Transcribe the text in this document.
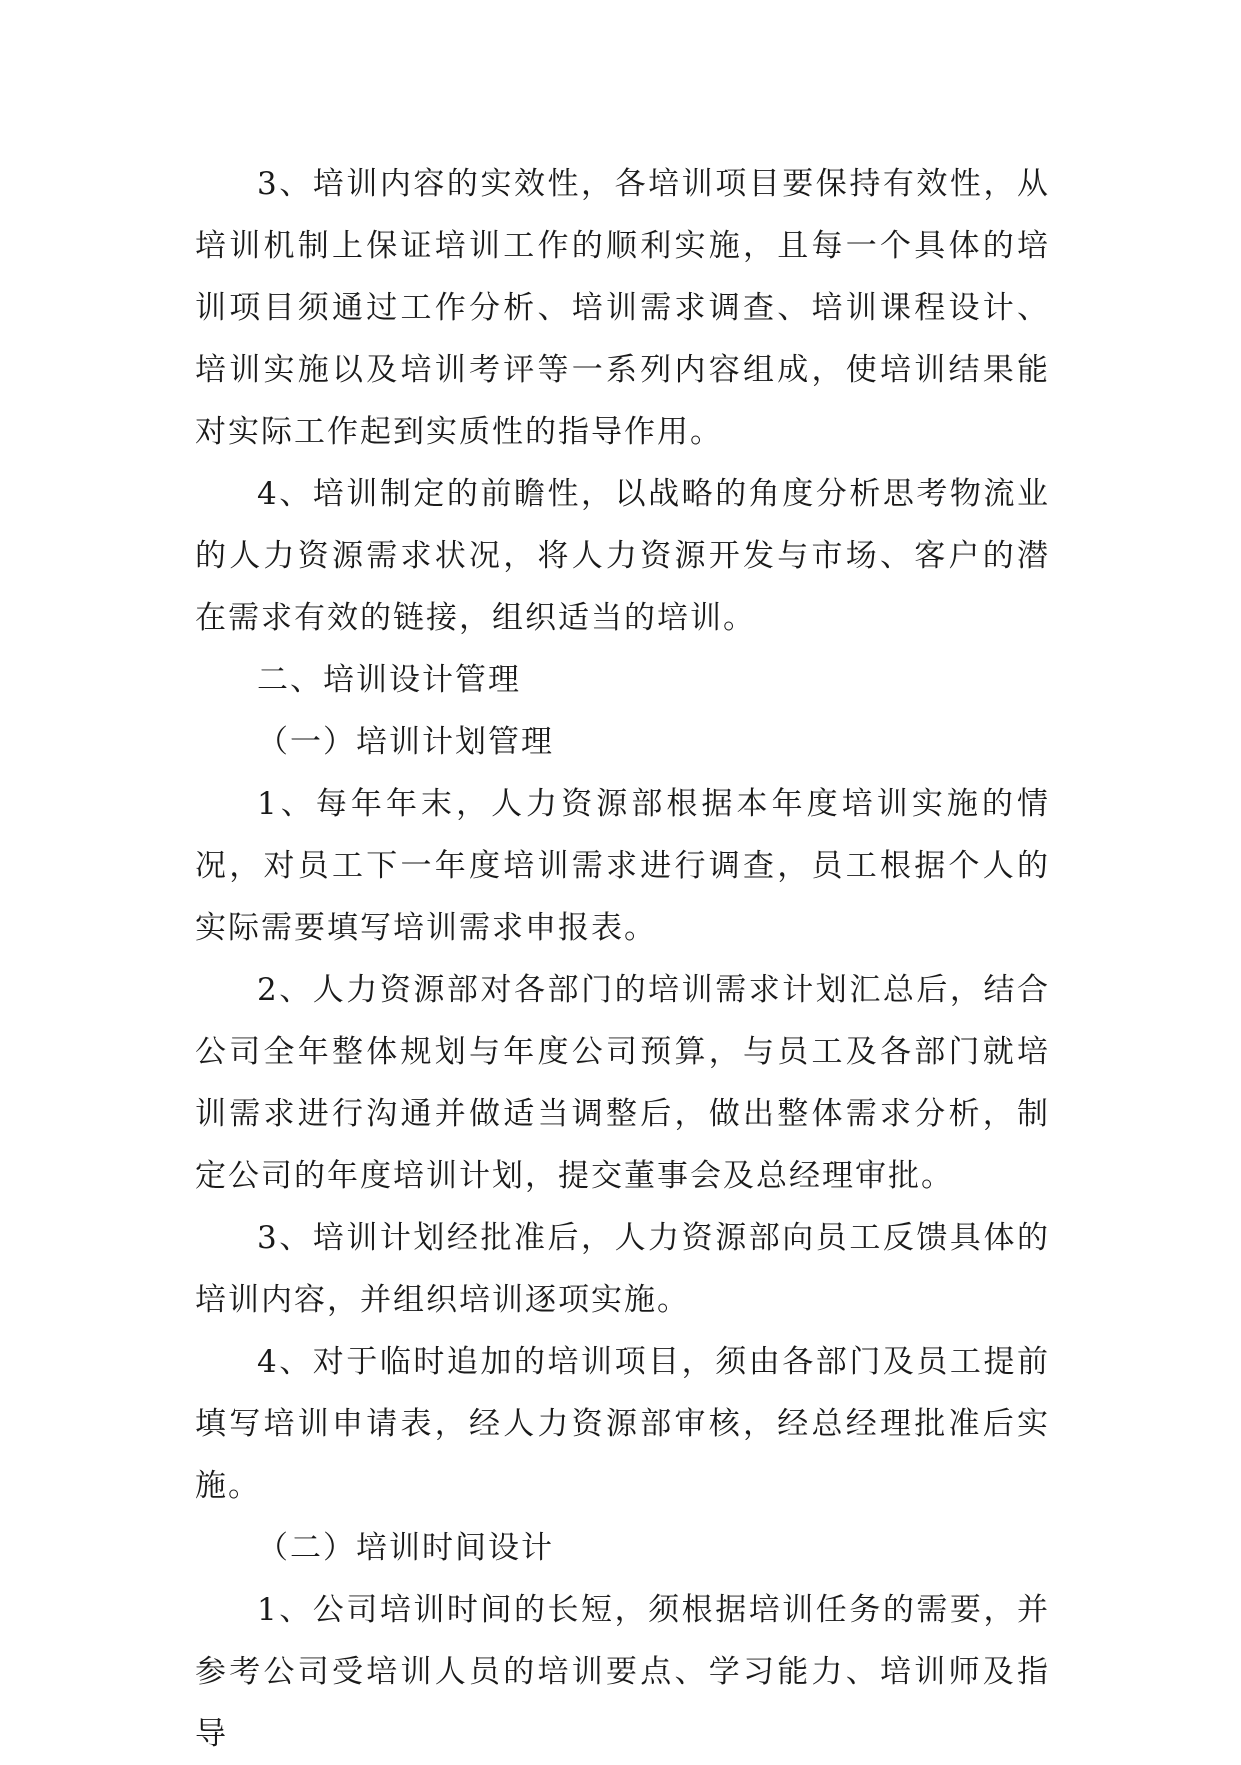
3、培训内容的实效性，各培训项目要保持有效性，从培训机制上保证培训工作的顺利实施，且每一个具体的培训项目须通过工作分析、培训需求调查、培训课程设计、培训实施以及培训考评等一系列内容组成，使培训结果能对实际工作起到实质性的指导作用。

4、培训制定的前瞻性，以战略的角度分析思考物流业的人力资源需求状况，将人力资源开发与市场、客户的潜在需求有效的链接，组织适当的培训。

二、培训设计管理

（一）培训计划管理

1、每年年末，人力资源部根据本年度培训实施的情况，对员工下一年度培训需求进行调查，员工根据个人的实际需要填写培训需求申报表。

2、人力资源部对各部门的培训需求计划汇总后，结合公司全年整体规划与年度公司预算，与员工及各部门就培训需求进行沟通并做适当调整后，做出整体需求分析，制定公司的年度培训计划，提交董事会及总经理审批。

3、培训计划经批准后，人力资源部向员工反馈具体的培训内容，并组织培训逐项实施。

4、对于临时追加的培训项目，须由各部门及员工提前填写培训申请表，经人力资源部审核，经总经理批准后实施。

（二）培训时间设计

1、公司培训时间的长短，须根据培训任务的需要，并参考公司受培训人员的培训要点、学习能力、培训师及指导
